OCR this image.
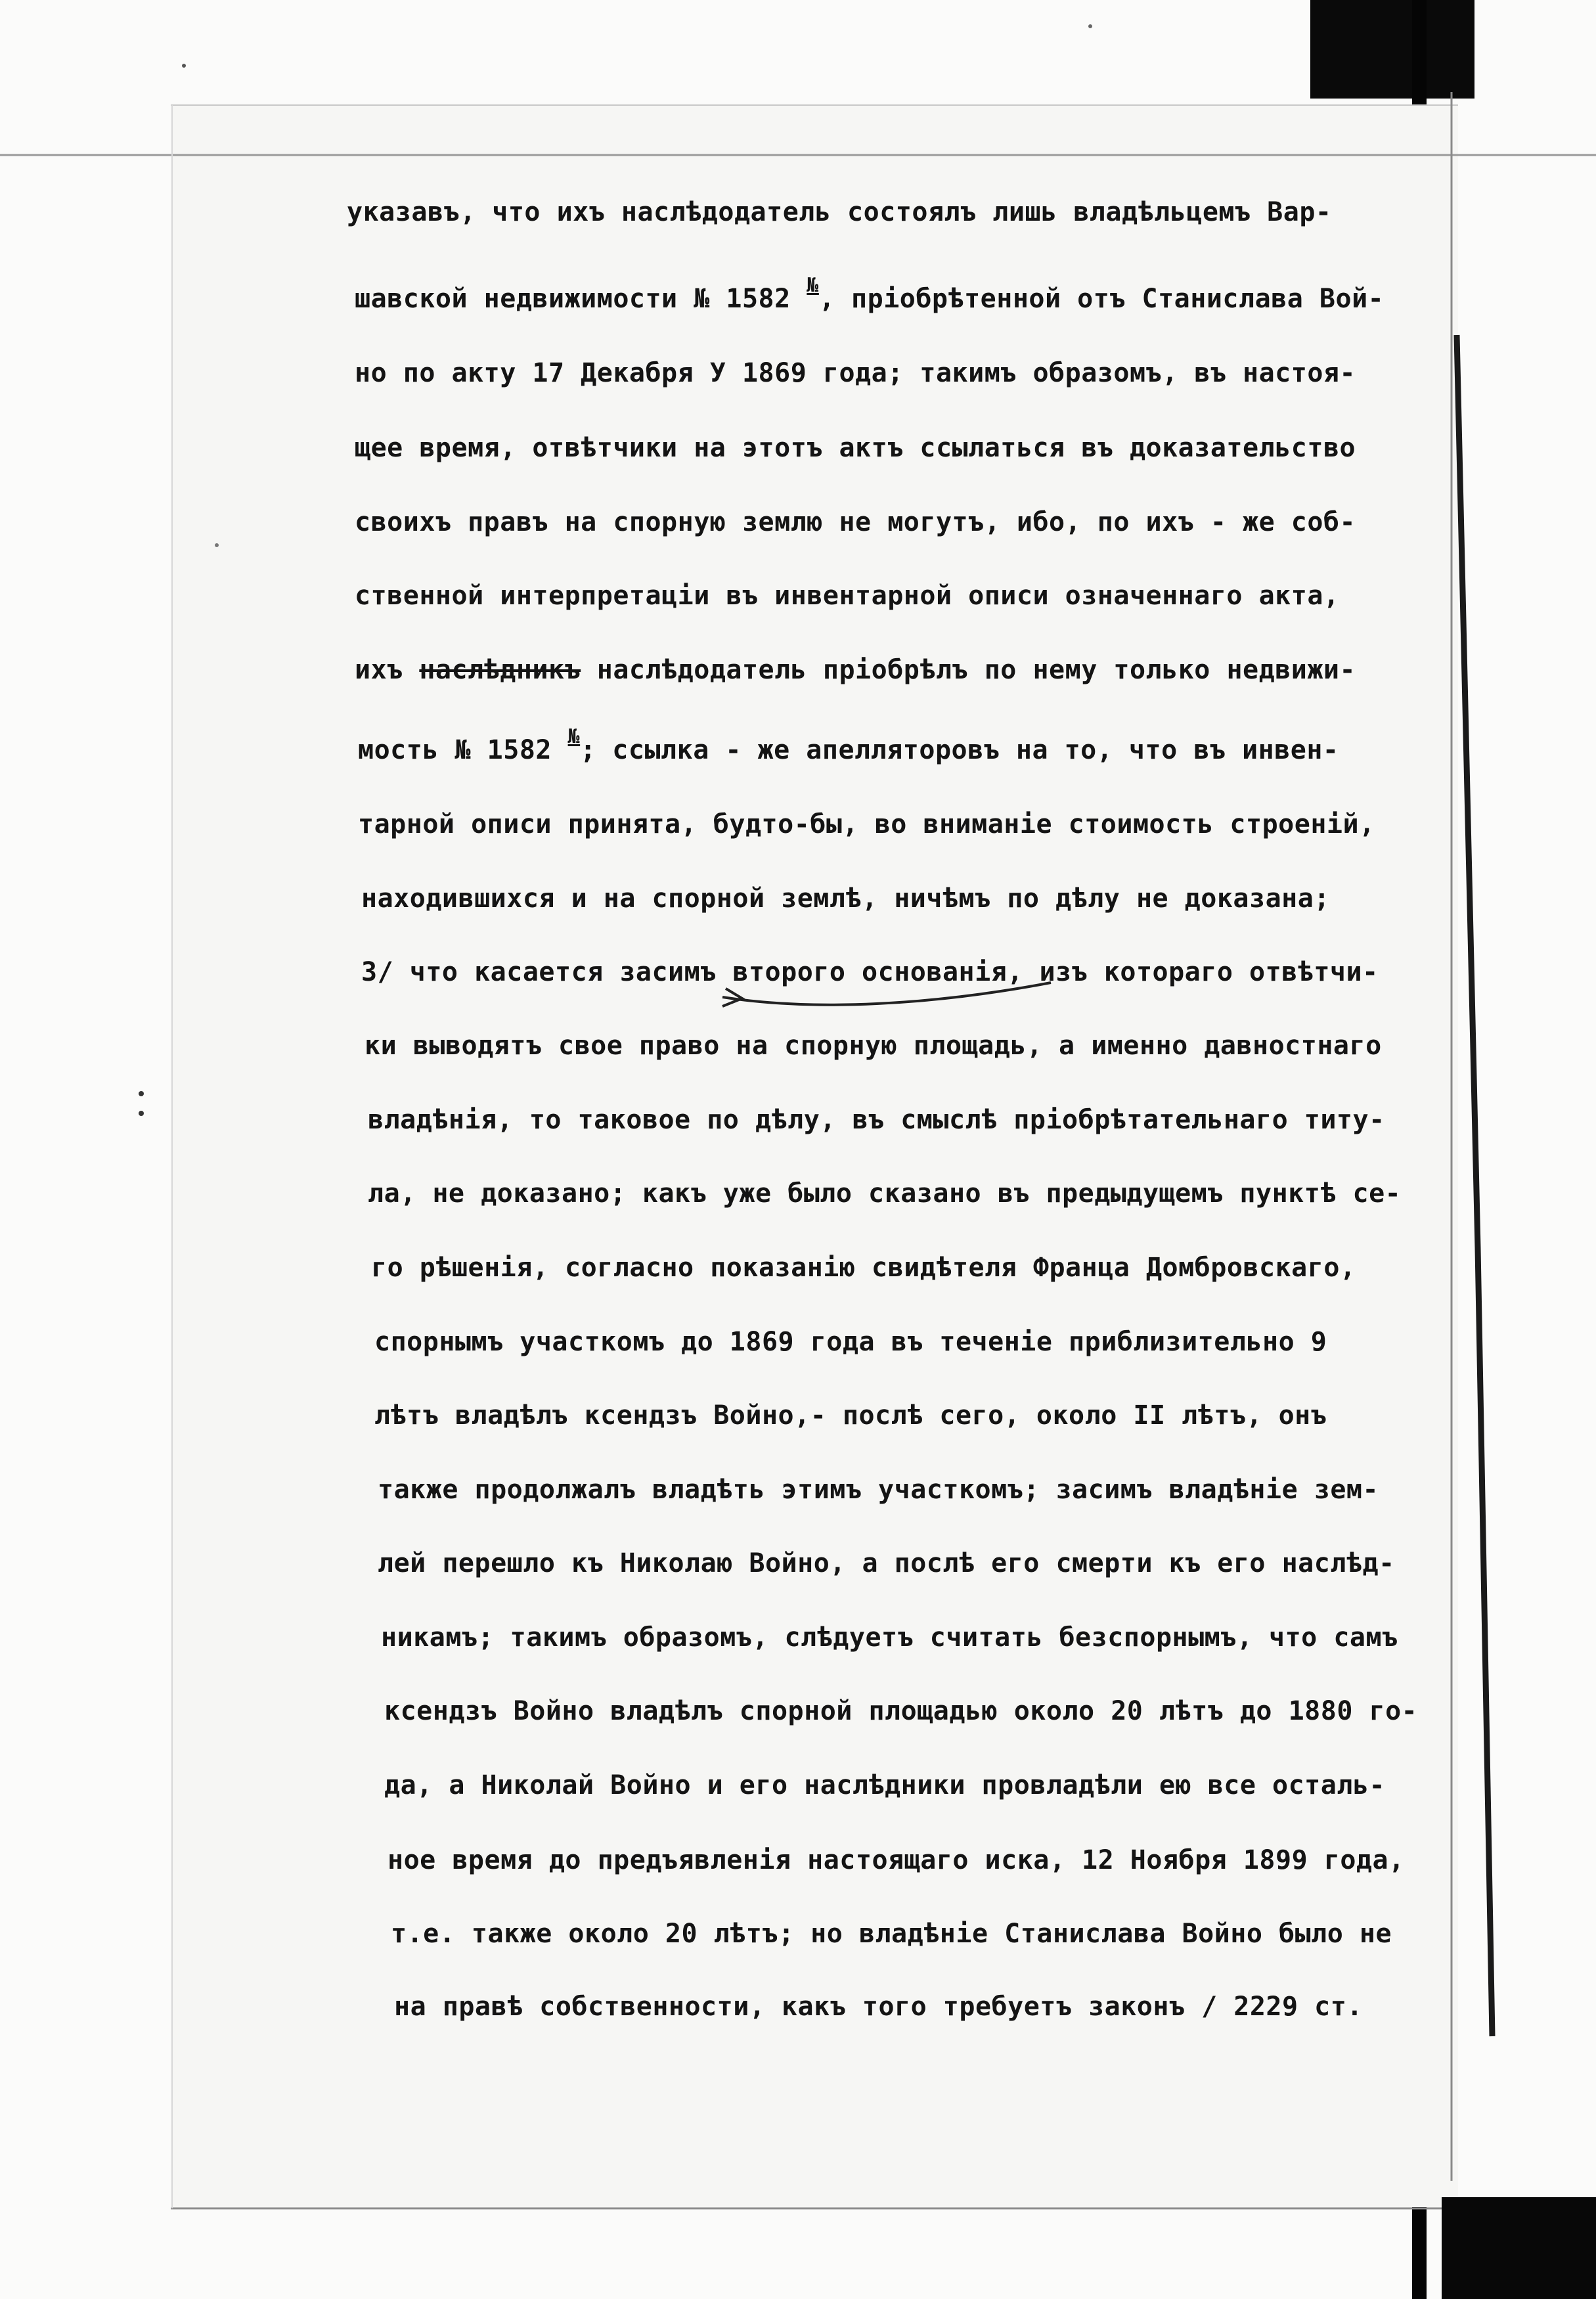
указавъ, что ихъ наслѣдодатель состоялъ лишь владѣльцемъ Вар-
шавской недвижимости № 1582 №, пріобрѣтенной отъ Станислава Вой-
но по акту 17 Декабря У 1869 года; такимъ образомъ, въ настоя-
щее время, отвѣтчики на этотъ актъ ссылаться въ доказательство
своихъ правъ на спорную землю не могутъ, ибо, по ихъ - же соб-
ственной интерпретаціи въ инвентарной описи означеннаго акта,
ихъ наслѣдникъ наслѣдодатель пріобрѣлъ по нему только недвижи-
мость № 1582 №; ссылка - же апелляторовъ на то, что въ инвен-
тарной описи принята, будто-бы, во вниманіе стоимость строеній,
находившихся и на спорной землѣ, ничѣмъ по дѣлу не доказана;
3/ что касается засимъ второго основанія, изъ котораго отвѣтчи-
ки выводятъ свое право на спорную площадь, а именно давностнаго
владѣнія, то таковое по дѣлу, въ смыслѣ пріобрѣтательнаго титу-
ла, не доказано; какъ уже было сказано въ предыдущемъ пунктѣ се-
го рѣшенія, согласно показанію свидѣтеля Франца Домбровскаго,
спорнымъ участкомъ до 1869 года въ теченіе приблизительно 9
лѣтъ владѣлъ ксендзъ Войно,- послѣ сего, около II лѣтъ, онъ
также продолжалъ владѣть этимъ участкомъ; засимъ владѣніе зем-
лей перешло къ Николаю Войно, а послѣ его смерти къ его наслѣд-
никамъ; такимъ образомъ, слѣдуетъ считать безспорнымъ, что самъ
ксендзъ Войно владѣлъ спорной площадью около 20 лѣтъ до 1880 го-
да, а Николай Войно и его наслѣдники провладѣли ею все осталь-
ное время до предъявленія настоящаго иска, 12 Ноября 1899 года,
т.е. также около 20 лѣтъ; но владѣніе Станислава Войно было не
на правѣ собственности, какъ того требуетъ законъ / 2229 ст.
